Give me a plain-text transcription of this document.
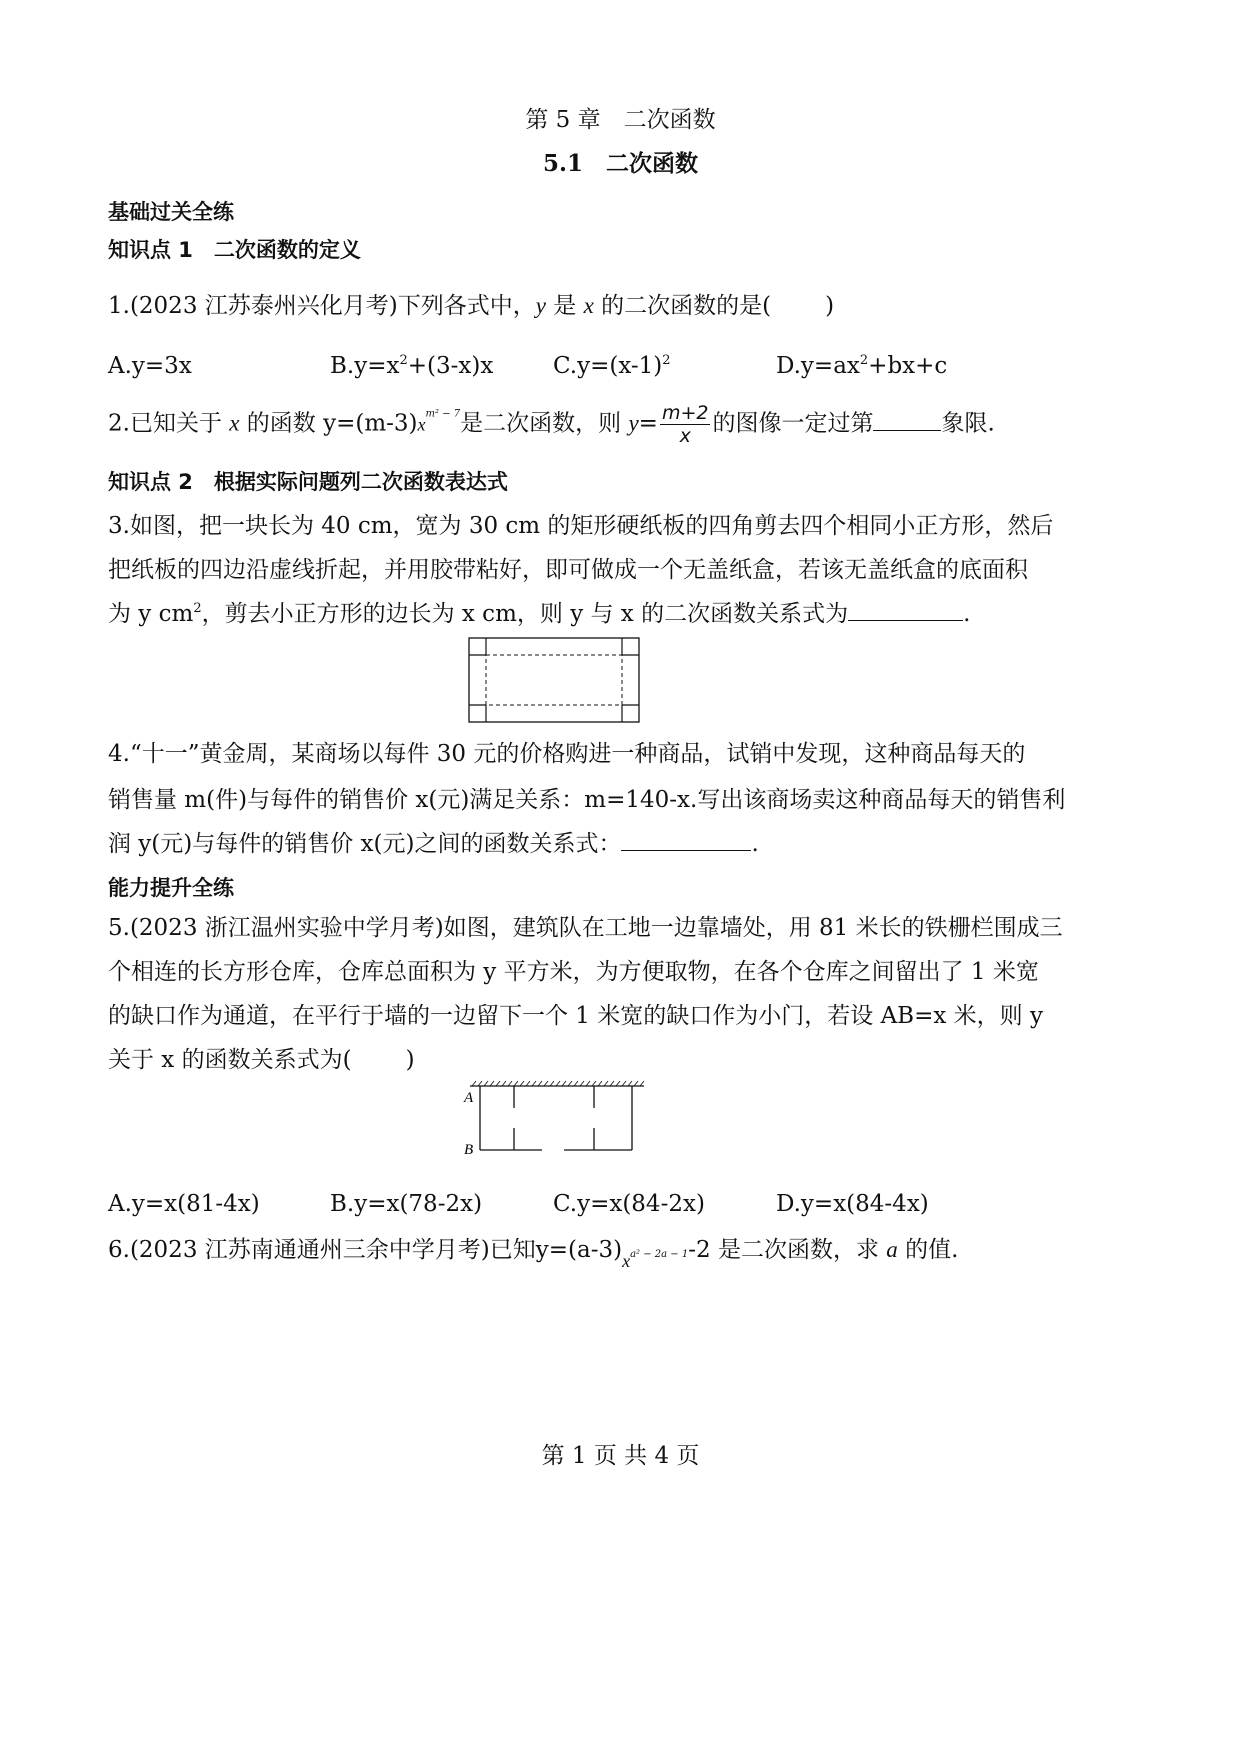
第 5 章　二次函数
5.1　二次函数
基础过关全练
知识点 1　二次函数的定义
1.(2023 江苏泰州兴化月考)下列各式中，y 是 x 的二次函数的是( )
A.y=3x	$B.y=x^2+(3-x)x$	$C.y=(x-1)^2$	$D.y=ax^2+bx+c$
2.已知关于 x 的函数 $y=(m-3)x^{m^2 - 7}$是二次函数，则 $y= \frac{m+2}{x}$ 的图像一定过第	象限.
知识点 2　根据实际问题列二次函数表达式
3.如图，把一块长为 40 cm，宽为 30 cm 的矩形硬纸板的四角剪去四个相同小正方形，然后
把纸板的四边沿虚线折起，并用胶带粘好，即可做成一个无盖纸盒，若该无盖纸盒的底面积
为 y $cm^2$，剪去小正方形的边长为 x cm，则 y 与 x 的二次函数关系式为	.
4.“十一”黄金周，某商场以每件 30 元的价格购进一种商品，试销中发现，这种商品每天的
销售量 m(件)与每件的销售价 x(元)满足关系：m=140-x.写出该商场卖这种商品每天的销售利
润 y(元)与每件的销售价 x(元)之间的函数关系式：	.
能力提升全练
5.(2023 浙江温州实验中学月考)如图，建筑队在工地一边靠墙处，用 81 米长的铁栅栏围成三
个相连的长方形仓库，仓库总面积为 y 平方米，为方便取物，在各个仓库之间留出了 1 米宽
的缺口作为通道，在平行于墙的一边留下一个 1 米宽的缺口作为小门，若设 AB=x 米，则 y
关于 x 的函数关系式为( )
A
B
A.y=x(81-4x)	B.y=x(78-2x)	C.y=x(84-2x)	D.y=x(84-4x)
6.(2023 江苏南通通州三余中学月考)已知$y=(a-3)_xa^2 - 2a - 1-2$ 是二次函数，求 a 的值.
第 1 页 共 4 页
